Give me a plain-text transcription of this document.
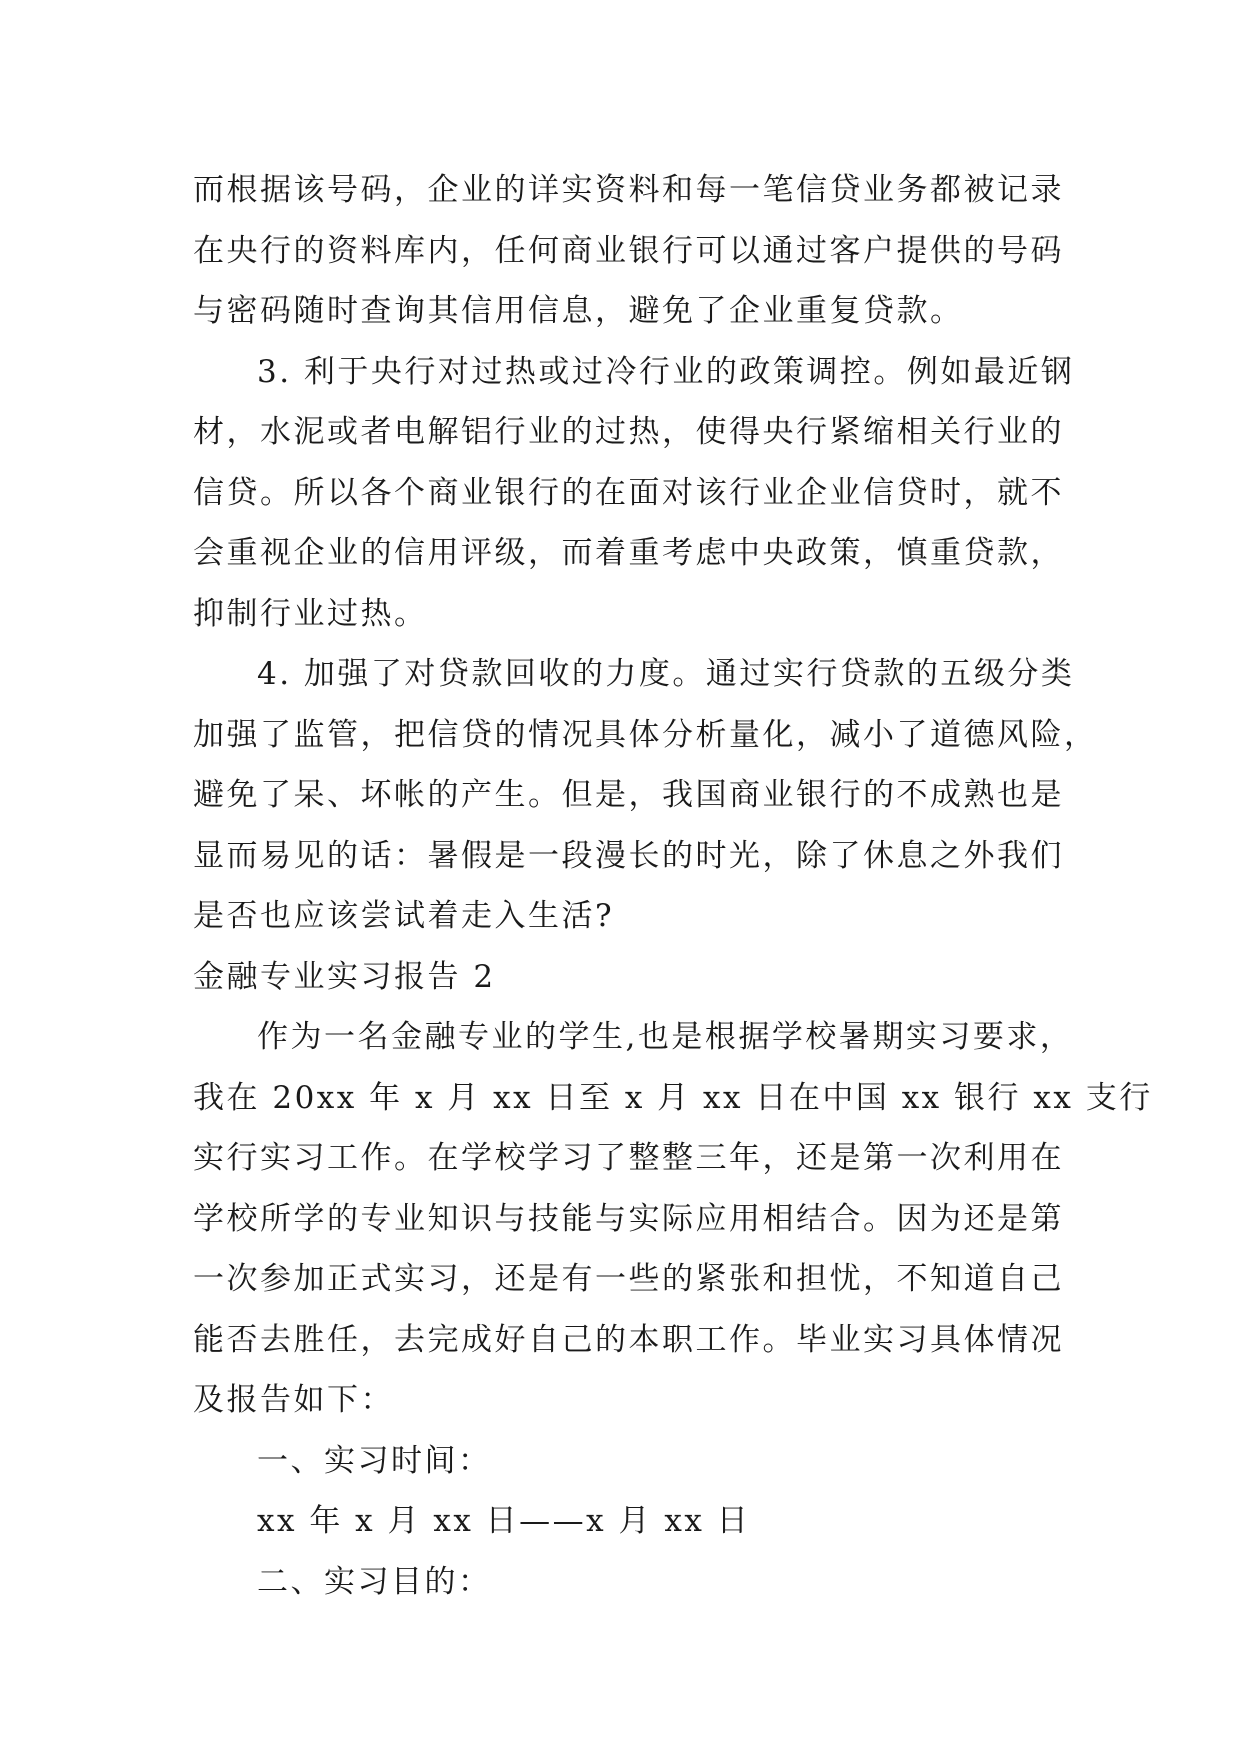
而根据该号码，企业的详实资料和每一笔信贷业务都被记录
在央行的资料库内，任何商业银行可以通过客户提供的号码
与密码随时查询其信用信息，避免了企业重复贷款。
3. 利于央行对过热或过冷行业的政策调控。例如最近钢
材，水泥或者电解铝行业的过热，使得央行紧缩相关行业的
信贷。所以各个商业银行的在面对该行业企业信贷时，就不
会重视企业的信用评级，而着重考虑中央政策，慎重贷款，
抑制行业过热。
4. 加强了对贷款回收的力度。通过实行贷款的五级分类
加强了监管，把信贷的情况具体分析量化，减小了道德风险，
避免了呆、坏帐的产生。但是，我国商业银行的不成熟也是
显而易见的话：暑假是一段漫长的时光，除了休息之外我们
是否也应该尝试着走入生活?
金融专业实习报告 2
作为一名金融专业的学生,也是根据学校暑期实习要求，
我在 20xx 年 x 月 xx 日至 x 月 xx 日在中国 xx 银行 xx 支行
实行实习工作。在学校学习了整整三年，还是第一次利用在
学校所学的专业知识与技能与实际应用相结合。因为还是第
一次参加正式实习，还是有一些的紧张和担忧，不知道自己
能否去胜任，去完成好自己的本职工作。毕业实习具体情况
及报告如下：
一、实习时间：
xx 年 x 月 xx 日——x 月 xx 日
二、实习目的：
